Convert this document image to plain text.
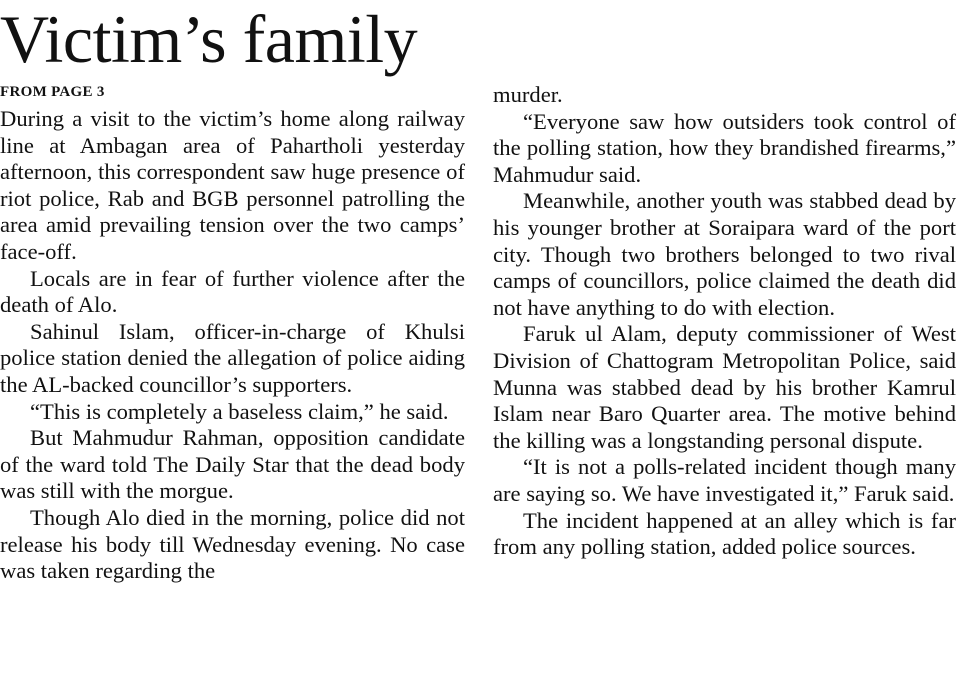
Victim’s family
FROM PAGE 3

During a visit to the victim’s home along railway line at Ambagan area of Pahartholi yesterday afternoon, this correspondent saw huge presence of riot police, Rab and BGB personnel patrolling the area amid prevailing tension over the two camps’ face-off.

Locals are in fear of further violence after the death of Alo.

Sahinul Islam, officer-in-charge of Khulsi police station denied the allegation of police aiding the AL-backed councillor’s supporters.

“This is completely a baseless claim,” he said.

But Mahmudur Rahman, opposition candidate of the ward told The Daily Star that the dead body was still with the morgue.

Though Alo died in the morning, police did not release his body till Wednesday evening. No case was taken regarding the

murder.

“Everyone saw how outsiders took control of the polling station, how they brandished firearms,” Mahmudur said.

Meanwhile, another youth was stabbed dead by his younger brother at Soraipara ward of the port city. Though two brothers belonged to two rival camps of councillors, police claimed the death did not have anything to do with election.

Faruk ul Alam, deputy commissioner of West Division of Chattogram Metropolitan Police, said Munna was stabbed dead by his brother Kamrul Islam near Baro Quarter area. The motive behind the killing was a longstanding personal dispute.

“It is not a polls-related incident though many are saying so. We have investigated it,” Faruk said.

The incident happened at an alley which is far from any polling station, added police sources.
